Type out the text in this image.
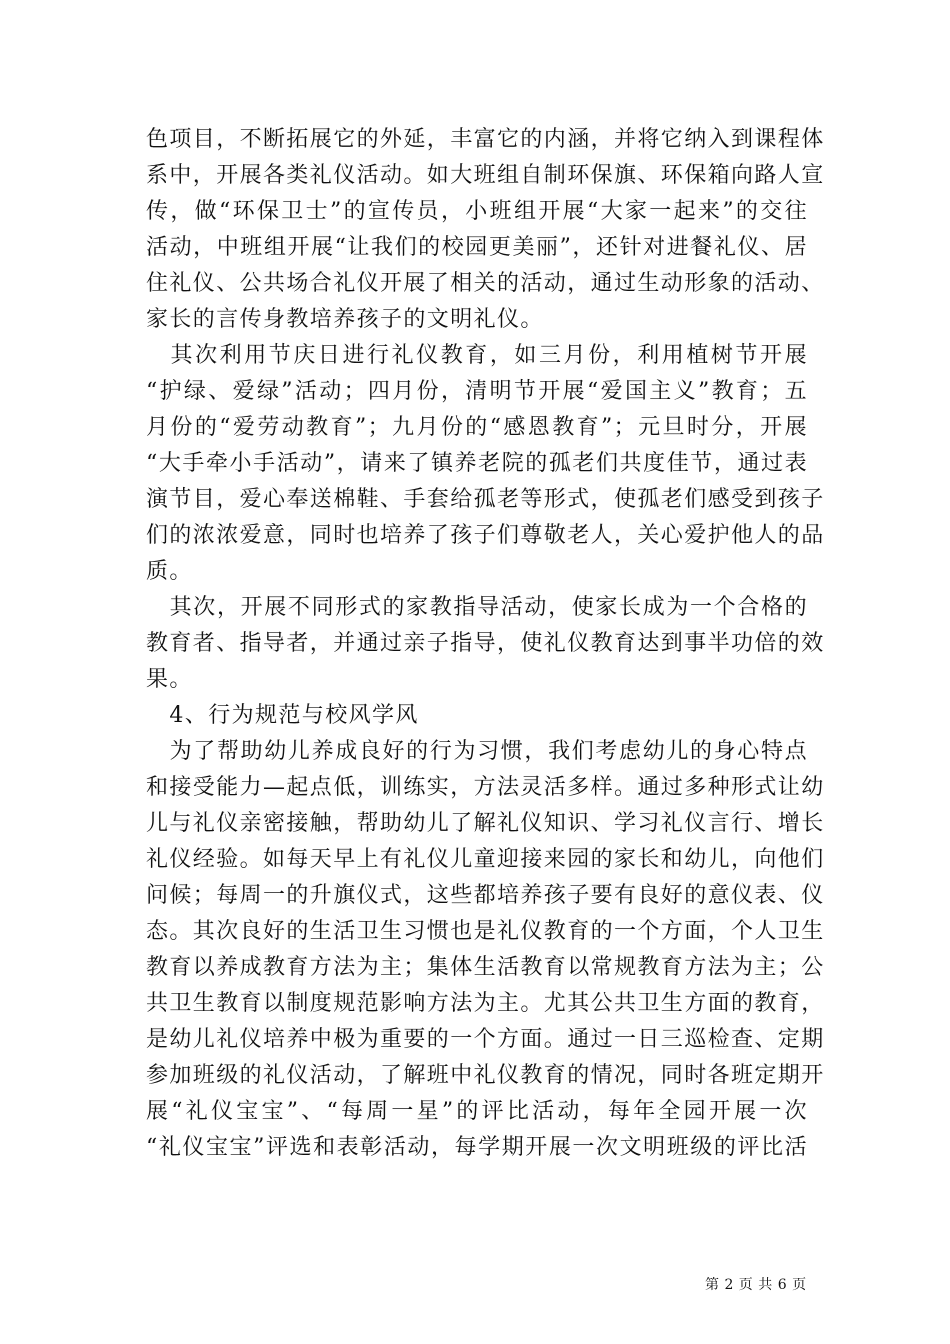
色项目，不断拓展它的外延，丰富它的内涵，并将它纳入到课程体
系中，开展各类礼仪活动。如大班组自制环保旗、环保箱向路人宣
传，做“环保卫士”的宣传员，小班组开展“大家一起来”的交往
活动，中班组开展“让我们的校园更美丽”，还针对进餐礼仪、居
住礼仪、公共场合礼仪开展了相关的活动，通过生动形象的活动、
家长的言传身教培养孩子的文明礼仪。
　其次利用节庆日进行礼仪教育，如三月份，利用植树节开展
“护绿、爱绿”活动；四月份，清明节开展“爱国主义”教育；五
月份的“爱劳动教育”；九月份的“感恩教育”；元旦时分，开展
“大手牵小手活动”，请来了镇养老院的孤老们共度佳节，通过表
演节目，爱心奉送棉鞋、手套给孤老等形式，使孤老们感受到孩子
们的浓浓爱意，同时也培养了孩子们尊敬老人，关心爱护他人的品
质。
　其次，开展不同形式的家教指导活动，使家长成为一个合格的
教育者、指导者，并通过亲子指导，使礼仪教育达到事半功倍的效
果。
　4、行为规范与校风学风
　为了帮助幼儿养成良好的行为习惯，我们考虑幼儿的身心特点
和接受能力—起点低，训练实，方法灵活多样。通过多种形式让幼
儿与礼仪亲密接触，帮助幼儿了解礼仪知识、学习礼仪言行、增长
礼仪经验。如每天早上有礼仪儿童迎接来园的家长和幼儿，向他们
问候；每周一的升旗仪式，这些都培养孩子要有良好的意仪表、仪
态。其次良好的生活卫生习惯也是礼仪教育的一个方面，个人卫生
教育以养成教育方法为主；集体生活教育以常规教育方法为主；公
共卫生教育以制度规范影响方法为主。尤其公共卫生方面的教育，
是幼儿礼仪培养中极为重要的一个方面。通过一日三巡检查、定期
参加班级的礼仪活动，了解班中礼仪教育的情况，同时各班定期开
展“礼仪宝宝”、“每周一星”的评比活动，每年全园开展一次
“礼仪宝宝”评选和表彰活动，每学期开展一次文明班级的评比活
第 2 页 共 6 页
